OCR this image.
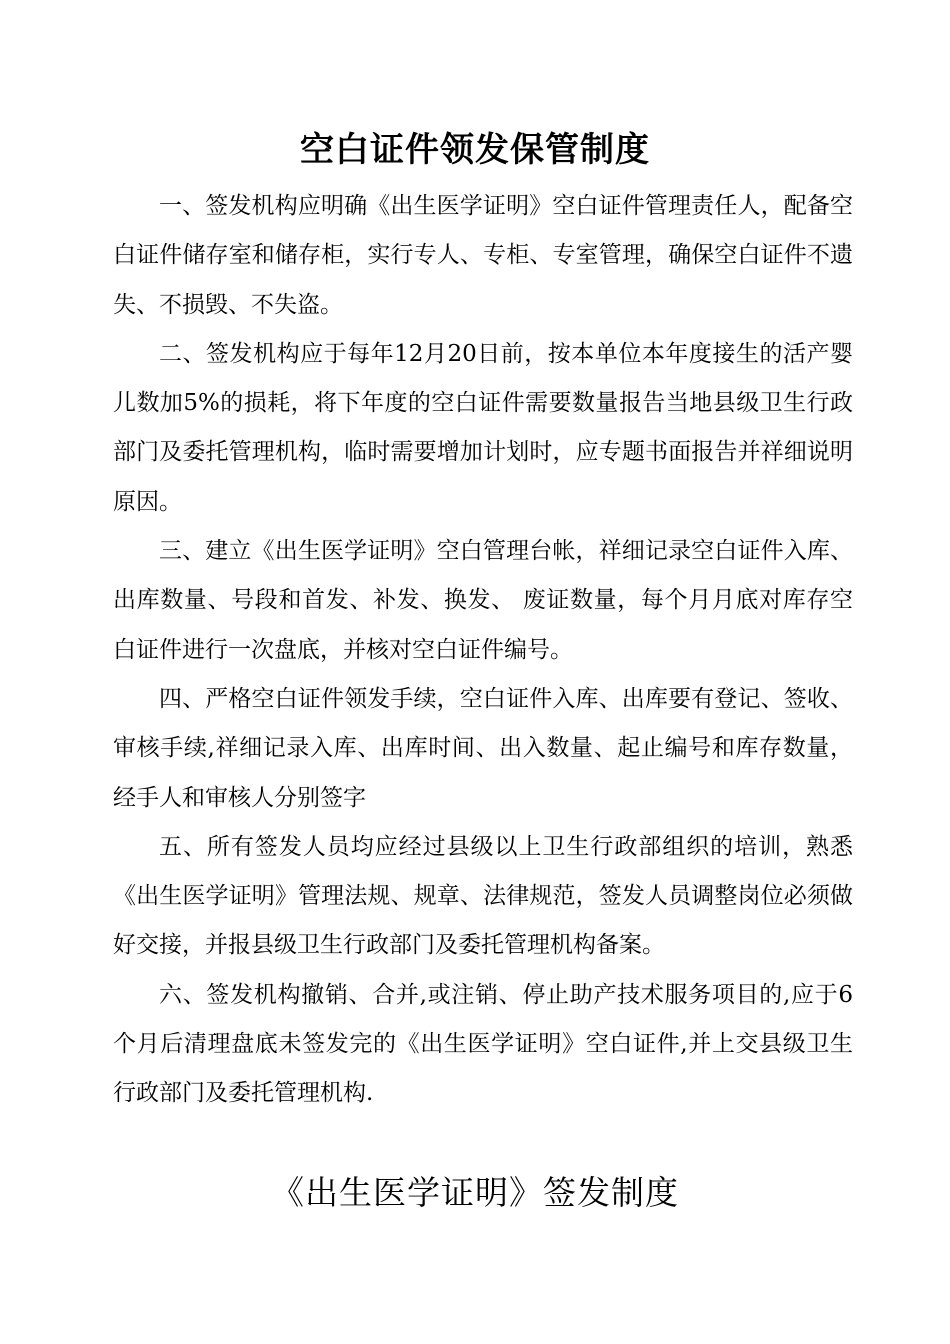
空白证件领发保管制度

一、签发机构应明确《出生医学证明》空白证件管理责任人，配备空白证件储存室和储存柜，实行专人、专柜、专室管理，确保空白证件不遗失、不损毁、不失盗。

二、签发机构应于每年12月20日前，按本单位本年度接生的活产婴儿数加5%的损耗，将下年度的空白证件需要数量报告当地县级卫生行政部门及委托管理机构，临时需要增加计划时，应专题书面报告并祥细说明原因。

三、建立《出生医学证明》空白管理台帐，祥细记录空白证件入库、出库数量、号段和首发、补发、换发、 废证数量，每个月月底对库存空白证件进行一次盘底，并核对空白证件编号。

四、严格空白证件领发手续，空白证件入库、出库要有登记、签收、审核手续,祥细记录入库、出库时间、出入数量、起止编号和库存数量，经手人和审核人分别签字

五、所有签发人员均应经过县级以上卫生行政部组织的培训，熟悉《出生医学证明》管理法规、规章、法律规范，签发人员调整岗位必须做好交接，并报县级卫生行政部门及委托管理机构备案。

六、签发机构撤销、合并,或注销、停止助产技术服务项目的,应于6个月后清理盘底未签发完的《出生医学证明》空白证件,并上交县级卫生行政部门及委托管理机构.

《出生医学证明》签发制度
